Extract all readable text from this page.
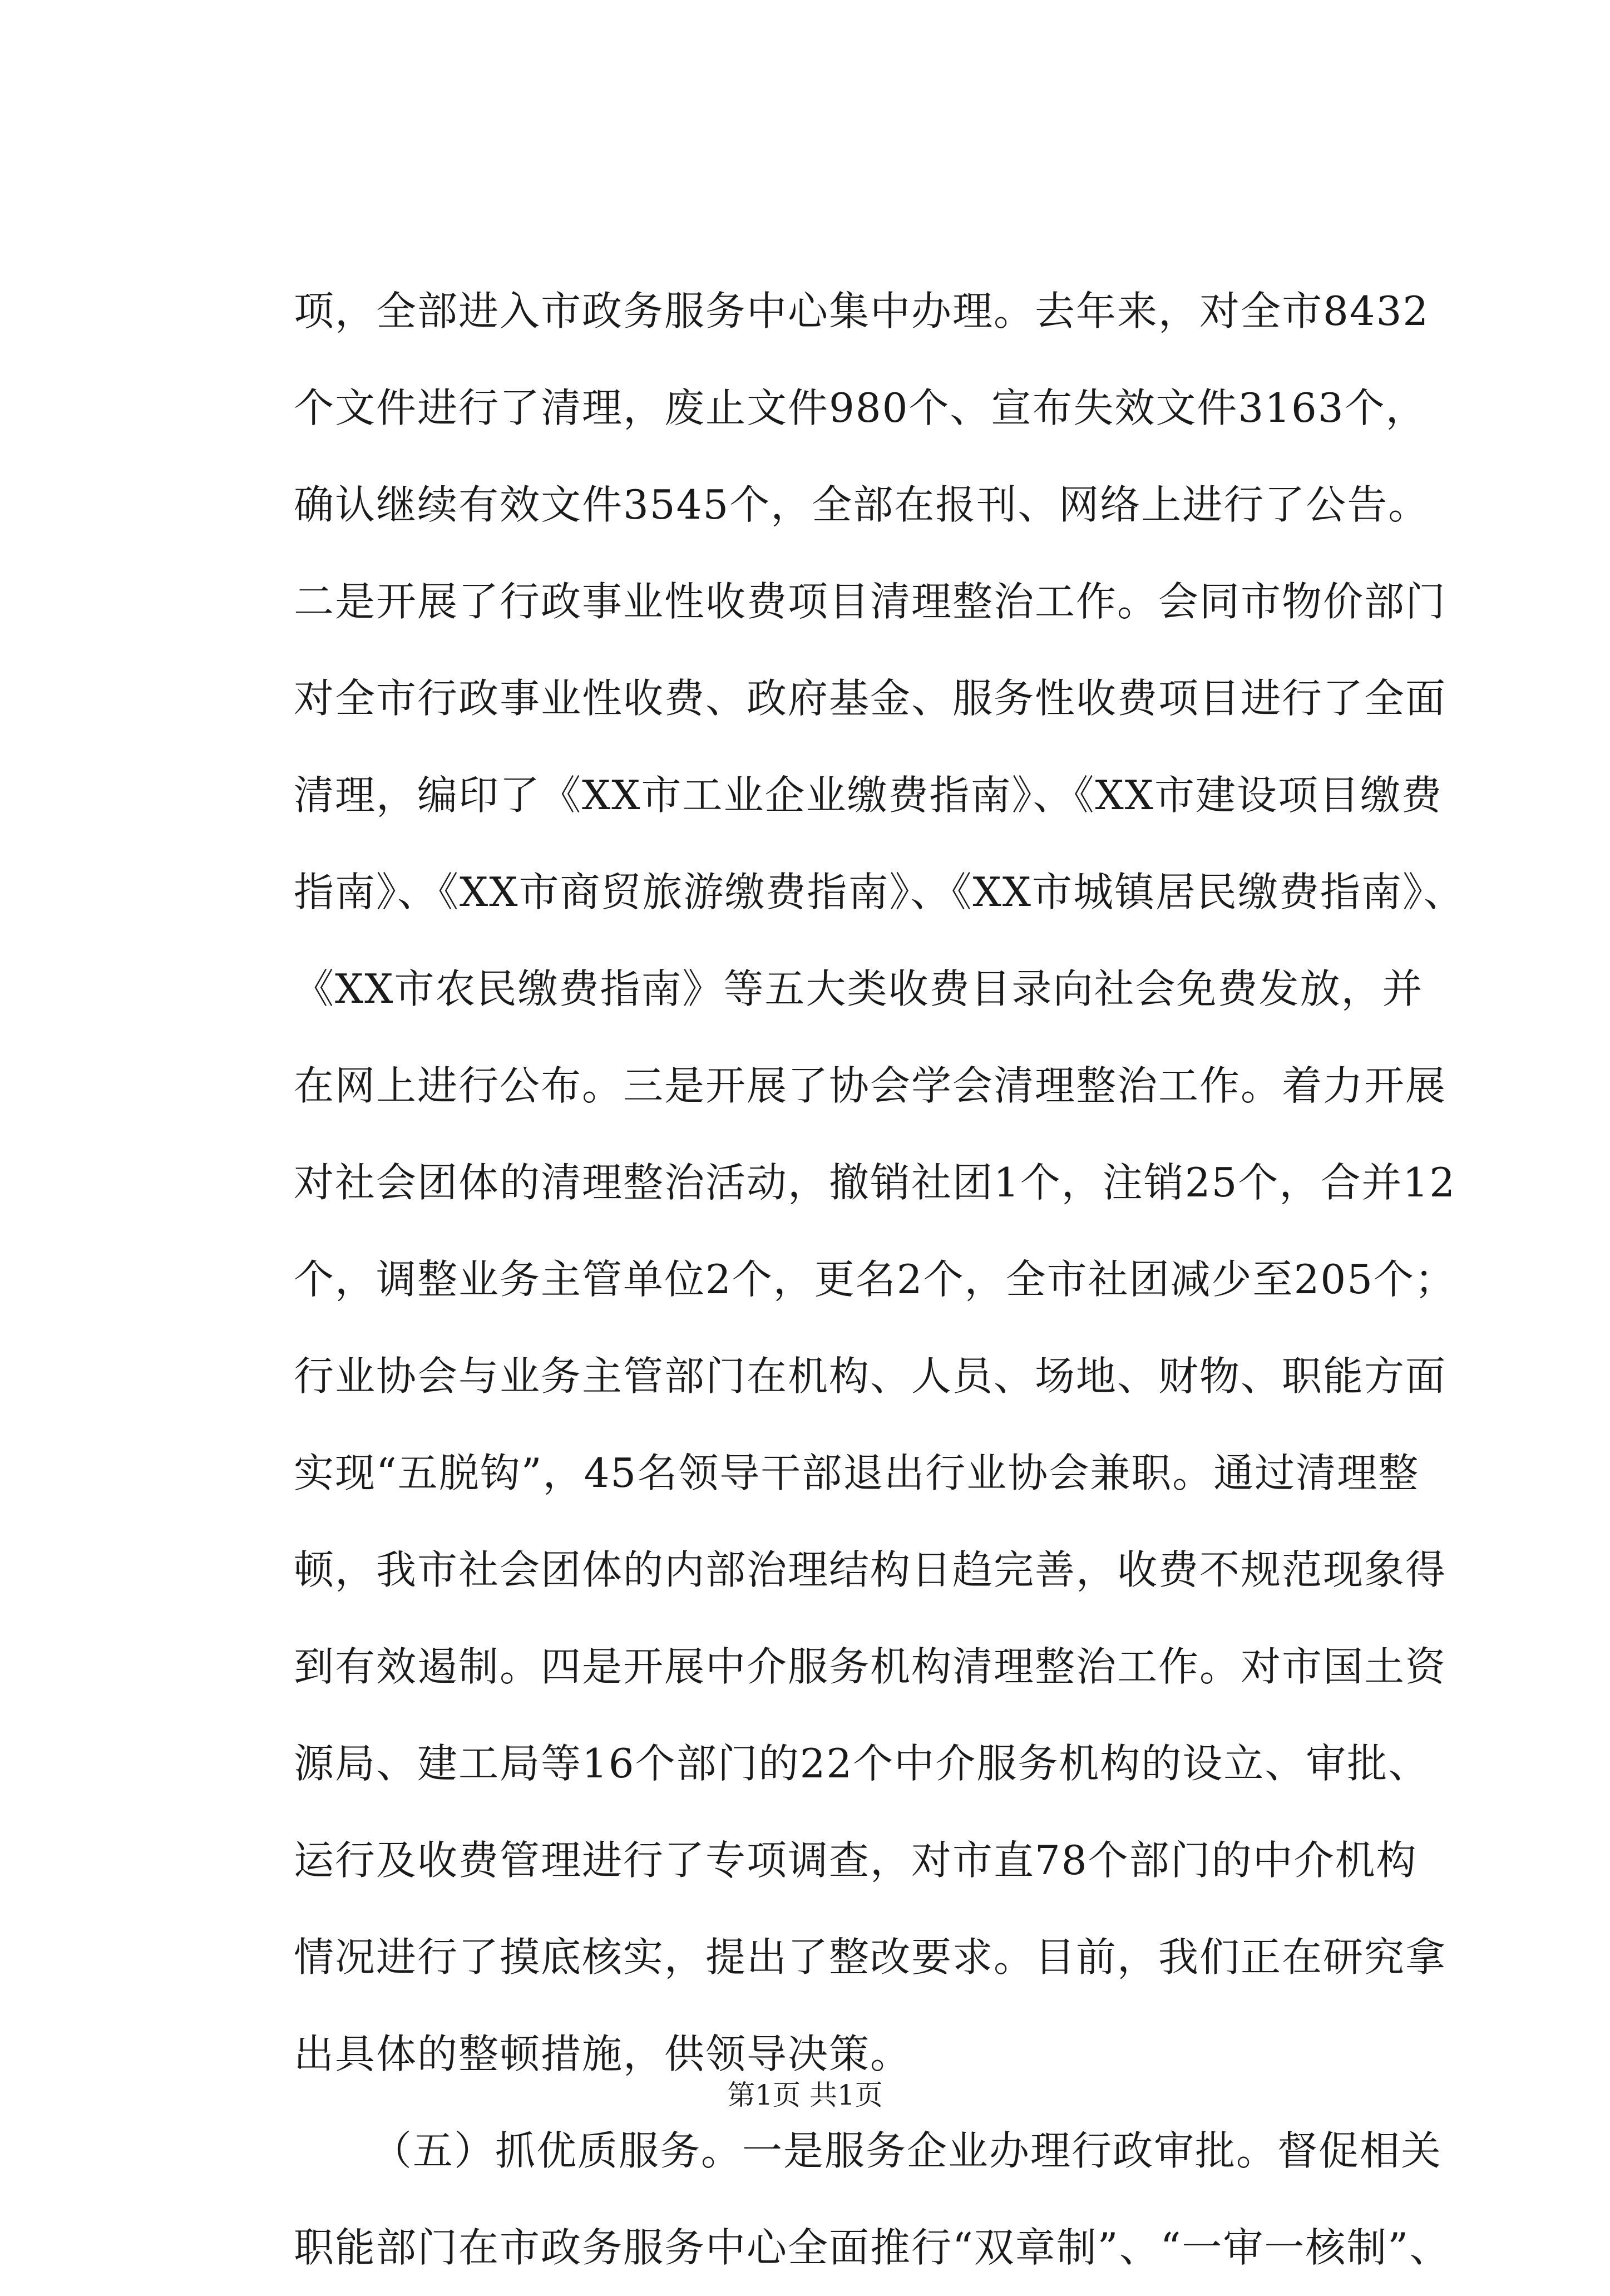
项，全部进入市政务服务中心集中办理。去年来，对全市8432
个文件进行了清理，废止文件980个、宣布失效文件3163个，
确认继续有效文件3545个，全部在报刊、网络上进行了公告。
二是开展了行政事业性收费项目清理整治工作。会同市物价部门
对全市行政事业性收费、政府基金、服务性收费项目进行了全面
清理，编印了《XX市工业企业缴费指南》、《XX市建设项目缴费
指南》、《XX市商贸旅游缴费指南》、《XX市城镇居民缴费指南》、
《XX市农民缴费指南》等五大类收费目录向社会免费发放，并
在网上进行公布。三是开展了协会学会清理整治工作。着力开展
对社会团体的清理整治活动，撤销社团1个，注销25个，合并12
个，调整业务主管单位2个，更名2个，全市社团减少至205个；
行业协会与业务主管部门在机构、人员、场地、财物、职能方面
实现“五脱钩”，45名领导干部退出行业协会兼职。通过清理整
顿，我市社会团体的内部治理结构日趋完善，收费不规范现象得
到有效遏制。四是开展中介服务机构清理整治工作。对市国土资
源局、建工局等16个部门的22个中介服务机构的设立、审批、
运行及收费管理进行了专项调查，对市直78个部门的中介机构
情况进行了摸底核实，提出了整改要求。目前，我们正在研究拿
出具体的整顿措施，供领导决策。
（五）抓优质服务。一是服务企业办理行政审批。督促相关
职能部门在市政务服务中心全面推行“双章制”、“一审一核制”、
第1页 共1页
